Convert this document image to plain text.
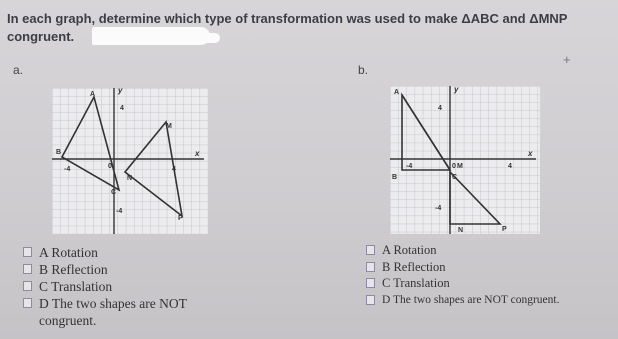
In each graph, determine which type of transformation was used to make ΔABC and ΔMNP congruent.
+
a.
A
B
C
M
N
P
4
-4	4
-4
0
x
y
A Rotation
B Reflection
C Translation
D The two shapes are NOT congruent.
b.
A
B	C
M
N	P
4
-4	4
-4
0
x
y
A Rotation
B Reflection
C Translation
D The two shapes are NOT congruent.
